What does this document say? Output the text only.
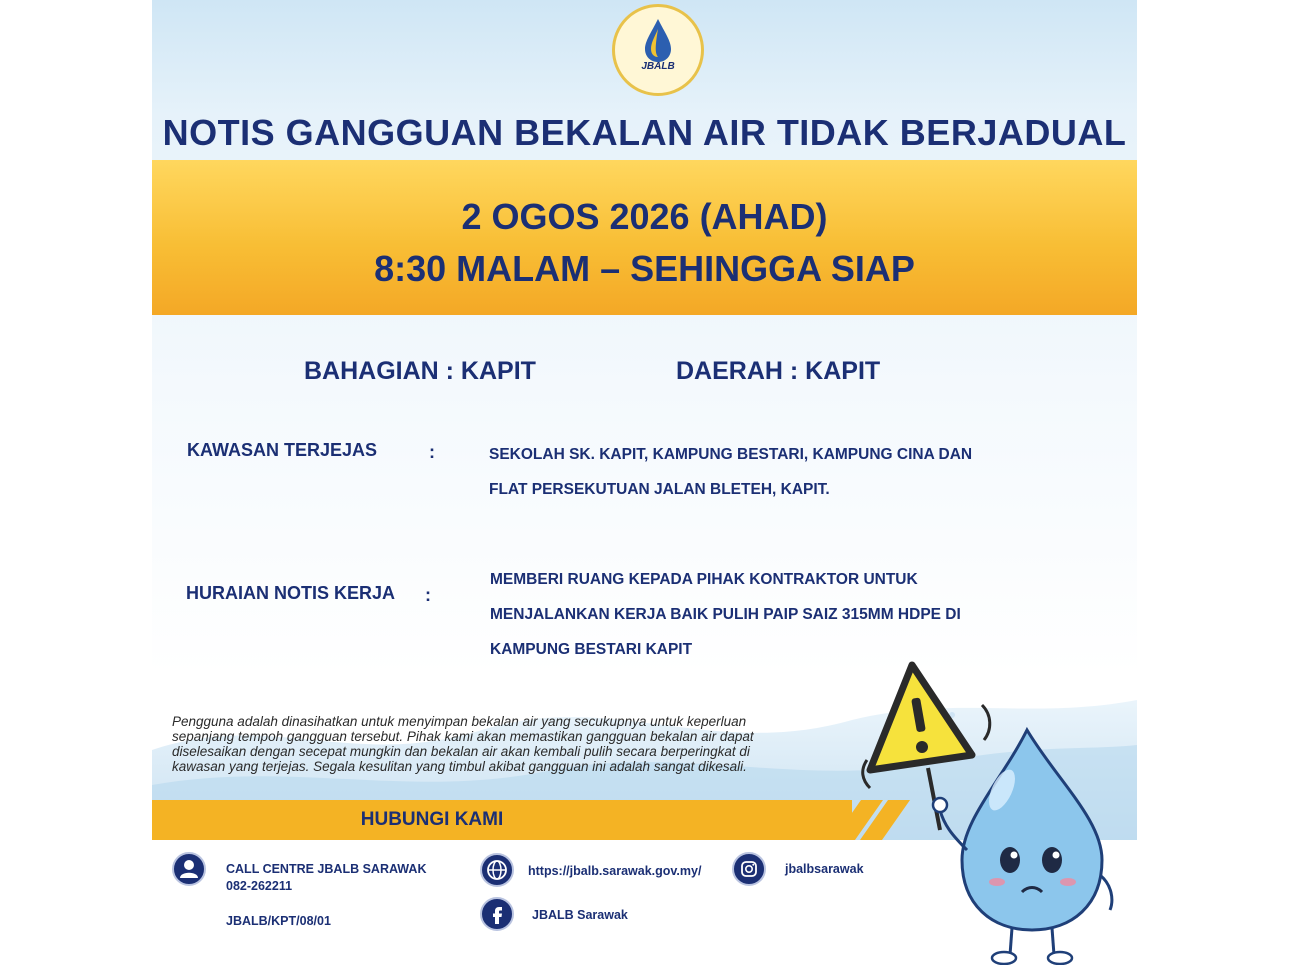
JBALB
NOTIS GANGGUAN BEKALAN AIR TIDAK BERJADUAL
2 OGOS 2026 (AHAD)
8:30 MALAM – SEHINGGA SIAP
BAHAGIAN : KAPIT	DAERAH : KAPIT
KAWASAN TERJEJAS	:	SEKOLAH SK. KAPIT, KAMPUNG BESTARI, KAMPUNG CINA DAN
FLAT PERSEKUTUAN JALAN BLETEH, KAPIT.
HURAIAN NOTIS KERJA :
MEMBERI RUANG KEPADA PIHAK KONTRAKTOR UNTUK
MENJALANKAN KERJA BAIK PULIH PAIP SAIZ 315MM HDPE DI
KAMPUNG BESTARI KAPIT
Pengguna adalah dinasihatkan untuk menyimpan bekalan air yang secukupnya untuk keperluan
sepanjang tempoh gangguan tersebut. Pihak kami akan memastikan gangguan bekalan air dapat
diselesaikan dengan secepat mungkin dan bekalan air akan kembali pulih secara berperingkat di
kawasan yang terjejas. Segala kesulitan yang timbul akibat gangguan ini adalah sangat dikesali.
HUBUNGI KAMI
CALL CENTRE JBALB SARAWAK
082-262211
JBALB/KPT/08/01
https://jbalb.sarawak.gov.my/
JBALB Sarawak
jbalbsarawak
